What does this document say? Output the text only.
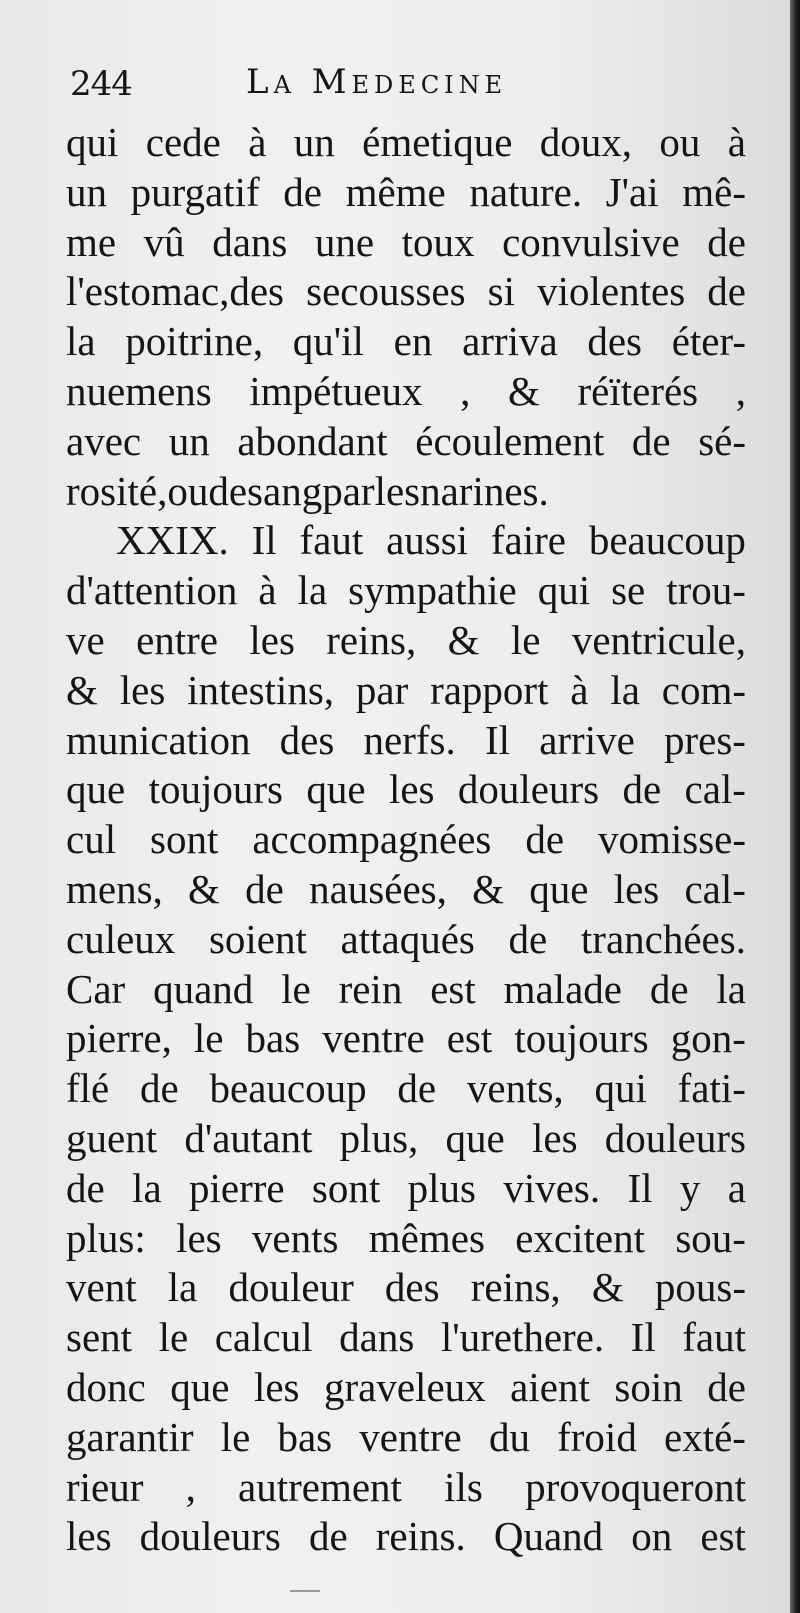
244	La Medecine
qui cede à un émetique doux, ou à
un purgatif de même nature. J'ai mê-
me vû dans une toux convulsive de
l'estomac,des secousses si violentes de
la poitrine, qu'il en arriva des éter-
nuemens impétueux , & réïterés ,
avec un abondant écoulement de sé-
rosité, ou de sang par les narines.
XXIX. Il faut aussi faire beaucoup
d'attention à la sympathie qui se trou-
ve entre les reins, & le ventricule,
& les intestins, par rapport à la com-
munication des nerfs. Il arrive pres-
que toujours que les douleurs de cal-
cul sont accompagnées de vomisse-
mens, & de nausées, & que les cal-
culeux soient attaqués de tranchées.
Car quand le rein est malade de la
pierre, le bas ventre est toujours gon-
flé de beaucoup de vents, qui fati-
guent d'autant plus, que les douleurs
de la pierre sont plus vives. Il y a
plus: les vents mêmes excitent sou-
vent la douleur des reins, & pous-
sent le calcul dans l'urethere. Il faut
donc que les graveleux aient soin de
garantir le bas ventre du froid exté-
rieur , autrement ils provoqueront
les douleurs de reins. Quand on est
